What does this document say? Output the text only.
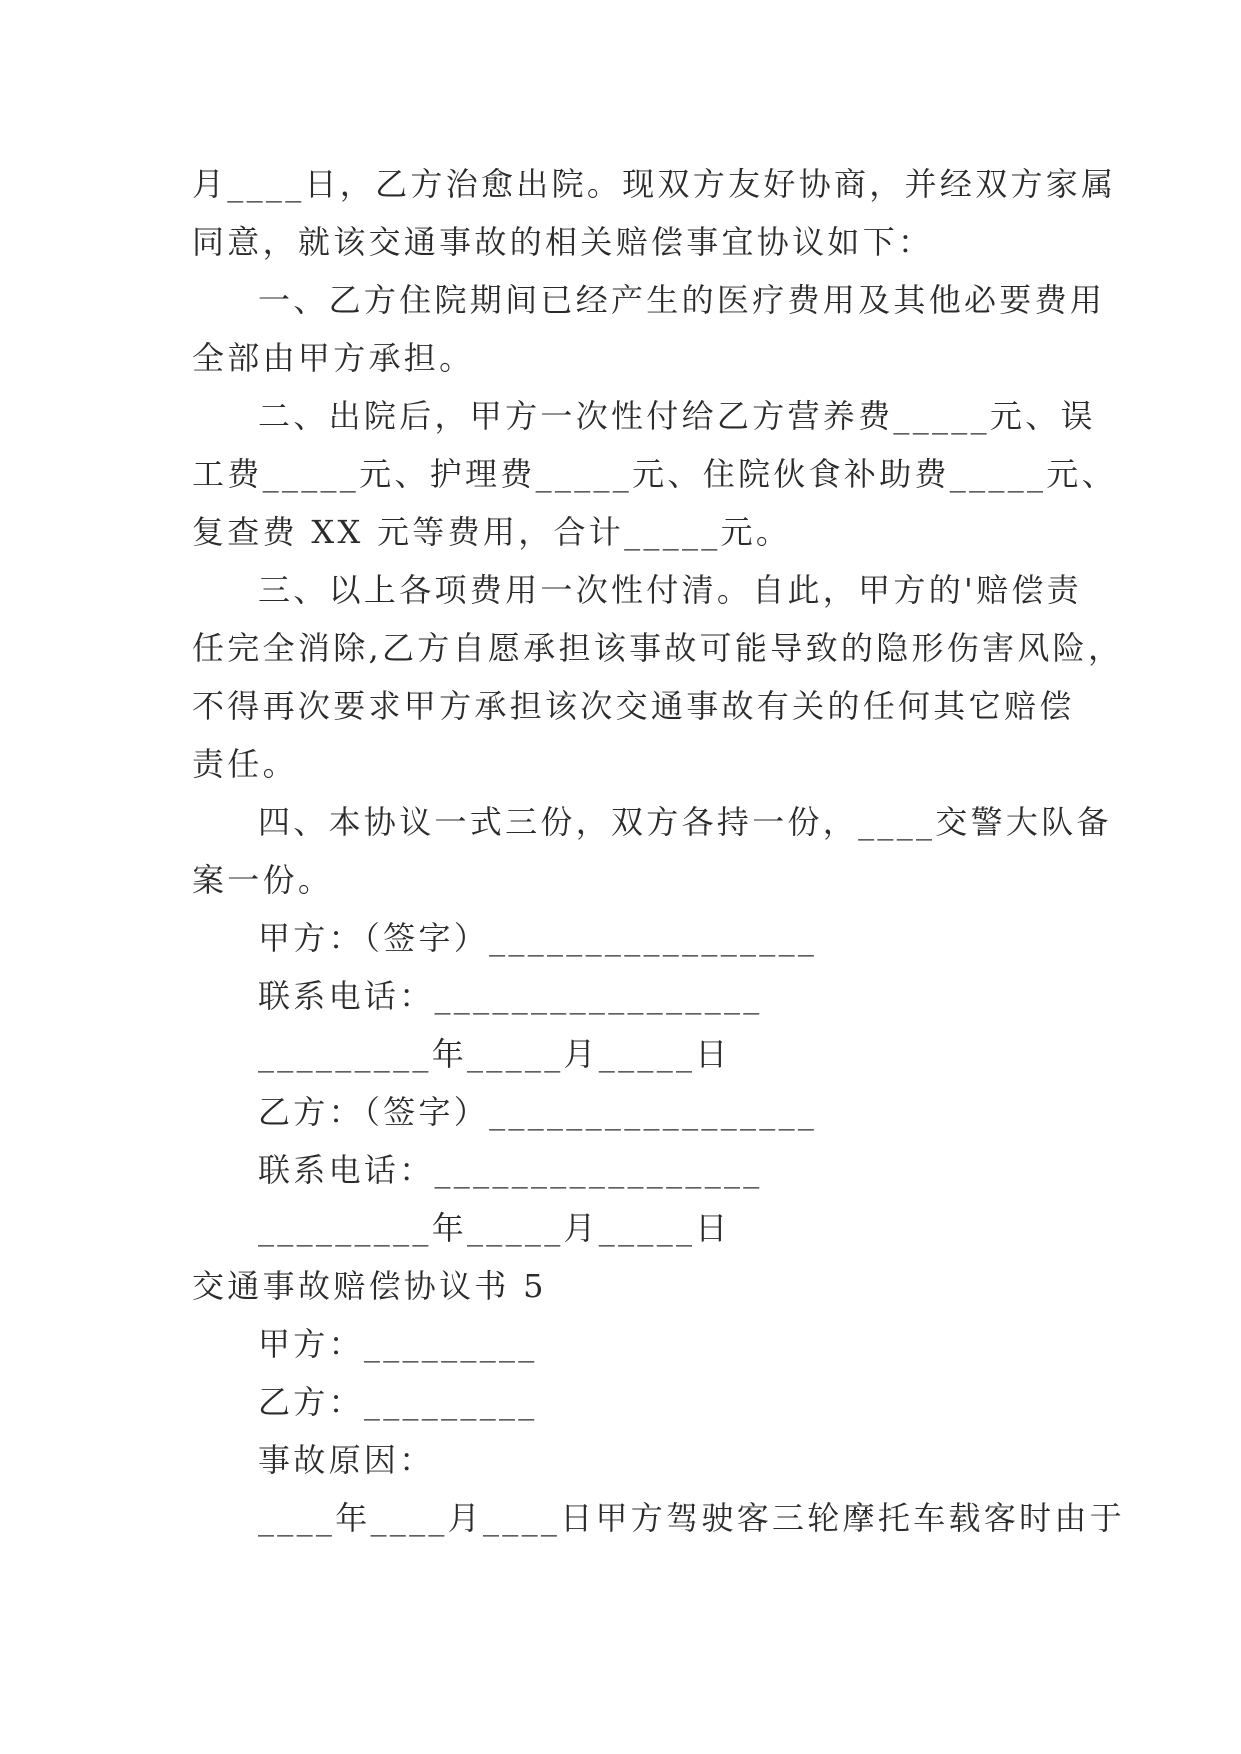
月____日，乙方治愈出院。现双方友好协商，并经双方家属
同意，就该交通事故的相关赔偿事宜协议如下：
一、乙方住院期间已经产生的医疗费用及其他必要费用
全部由甲方承担。
二、出院后，甲方一次性付给乙方营养费_____元、误
工费_____元、护理费_____元、住院伙食补助费_____元、
复查费 XX 元等费用，合计_____元。
三、以上各项费用一次性付清。自此，甲方的'赔偿责
任完全消除,乙方自愿承担该事故可能导致的隐形伤害风险，
不得再次要求甲方承担该次交通事故有关的任何其它赔偿
责任。
四、本协议一式三份，双方各持一份，____交警大队备
案一份。
甲方：（签字）_________________
联系电话：_________________
_________年_____月_____日
乙方：（签字）_________________
联系电话：_________________
_________年_____月_____日
交通事故赔偿协议书 5
甲方：_________
乙方：_________
事故原因：
____年____月____日甲方驾驶客三轮摩托车载客时由于
